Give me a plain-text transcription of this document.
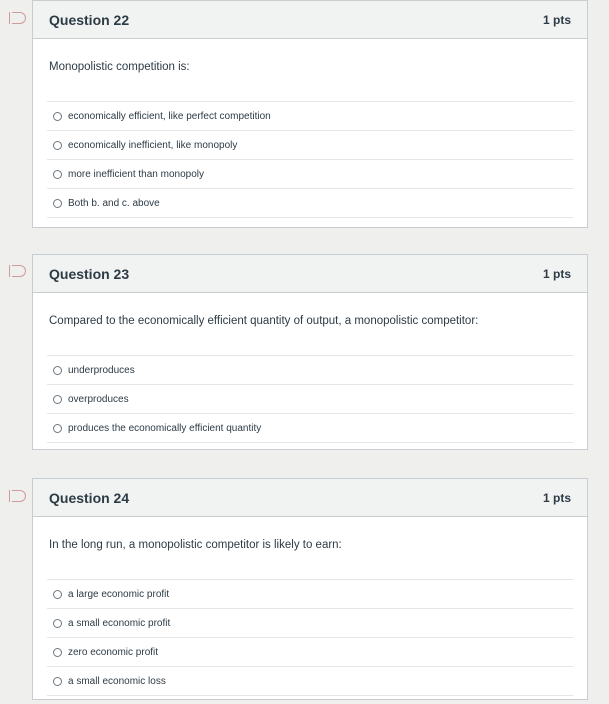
Question 22	1 pts
Monopolistic competition is:
economically efficient, like perfect competition
economically inefficient, like monopoly
more inefficient than monopoly
Both b. and c. above
Question 23	1 pts
Compared to the economically efficient quantity of output, a monopolistic competitor:
underproduces
overproduces
produces the economically efficient quantity
Question 24	1 pts
In the long run, a monopolistic competitor is likely to earn:
a large economic profit
a small economic profit
zero economic profit
a small economic loss
